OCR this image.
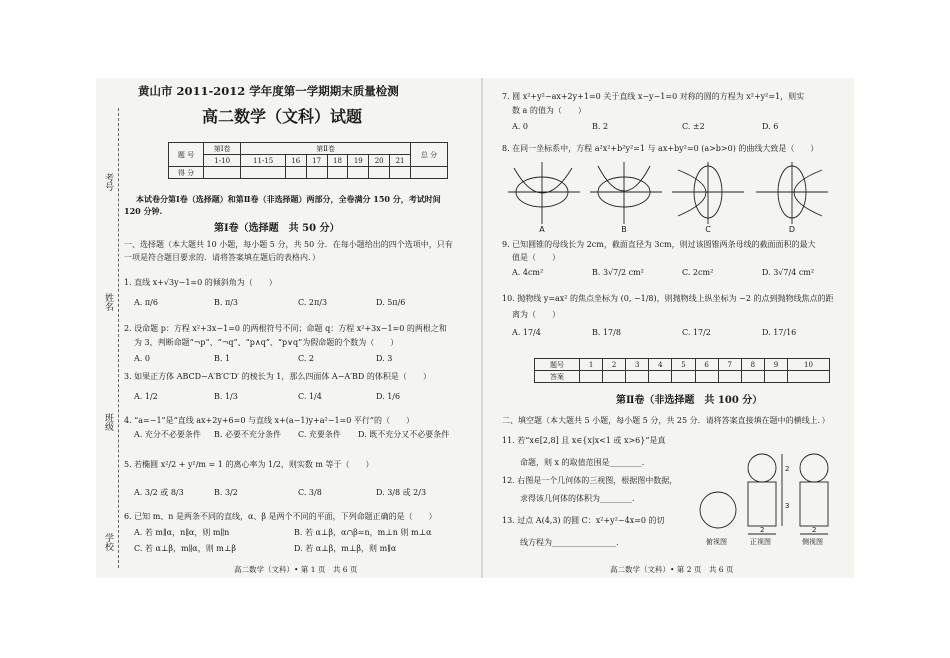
考号
姓名
班级
学校
黄山市 2011-2012 学年度第一学期期末质量检测
高二数学（文科）试题
题 号	第Ⅰ卷	第Ⅱ卷							总 分
	1-10	11-15	16	17	18	19	20	21	
得 分									
本试卷分第Ⅰ卷（选择题）和第Ⅱ卷（非选择题）两部分，全卷满分 150 分，考试时间
120 分钟.
第Ⅰ卷（选择题　共 50 分）
一、选择题（本大题共 10 小题，每小题 5 分，共 50 分．在每小题给出的四个选项中，只有
一项是符合题目要求的．请将答案填在题后的表格内．）
1. 直线 x+√3y−1=0 的倾斜角为（　　）
A. π/6	B. π/3	C. 2π/3	D. 5π/6
2. 设命题 p：方程 x²+3x−1=0 的两根符号不同；命题 q：方程 x²+3x−1=0 的两根之和
为 3，判断命题“¬p”、“¬q”、“p∧q”、“p∨q”为假命题的个数为（　　）
A. 0	B. 1	C. 2	D. 3
3. 如果正方体 ABCD−A′B′C′D′ 的棱长为 1，那么四面体 A−A′BD 的体积是（　　）
A. 1/2	B. 1/3	C. 1/4	D. 1/6
4. “a=−1”是“直线 ax+2y+6=0 与直线 x+(a−1)y+a²−1=0 平行”的（　　）
A. 充分不必要条件 B. 必要不充分条件 C. 充要条件 D. 既不充分又不必要条件
5. 若椭圆 x²/2 + y²/m = 1 的离心率为 1/2，则实数 m 等于（　　）
A. 3/2 或 8/3	B. 3/2	C. 3/8	D. 3/8 或 2/3
6. 已知 m、n 是两条不同的直线，α、β 是两个不同的平面，下列命题正确的是（　　）
A. 若 m∥α，n∥α，则 m∥n	B. 若 α⊥β，α∩β=n，m⊥n 则 m⊥α
C. 若 α⊥β，m∥α，则 m⊥β	D. 若 α⊥β，m⊥β，则 m∥α
高二数学（文科）• 第 1 页　共 6 页
7. 圆 x²+y²−ax+2y+1=0 关于直线 x−y−1=0 对称的圆的方程为 x²+y²=1，则实
数 a 的值为（　　）
A. 0	B. 2	C. ±2	D. 6
8. 在同一坐标系中，方程 a²x²+b²y²=1 与 ax+by²=0 (a>b>0) 的曲线大致是（　　）
A	B	C	D
9. 已知圆锥的母线长为 2cm，截面直径为 3cm，则过该圆锥两条母线的截面面积的最大
值是（　　）
A. 4cm²	B. 3√7/2 cm²	C. 2cm²	D. 3√7/4 cm²
10. 抛物线 y=ax² 的焦点坐标为 (0, −1/8)，则抛物线上纵坐标为 −2 的点到抛物线焦点的距
离为（　　）
A. 17/4	B. 17/8	C. 17/2	D. 17/16
题号	1	2	3	4	5	6	7	8	9	10
答案										
第Ⅱ卷（非选择题　共 100 分）
二、填空题（本大题共 5 小题，每小题 5 分，共 25 分．请将答案直接填在题中的横线上．）
11. 若“x∈[2,8] 且 x∈{x|x<1 或 x>6}”是真
命题，则 x 的取值范围是________.
12. 右图是一个几何体的三视图，根据图中数据，
求得该几何体的体积为________.
13. 过点 A(4,3) 的圆 C：x²+y²−4x=0 的切
线方程为________________.
2
3
2	2
俯视图	正视图	侧视图
高二数学（文科）• 第 2 页　共 6 页
